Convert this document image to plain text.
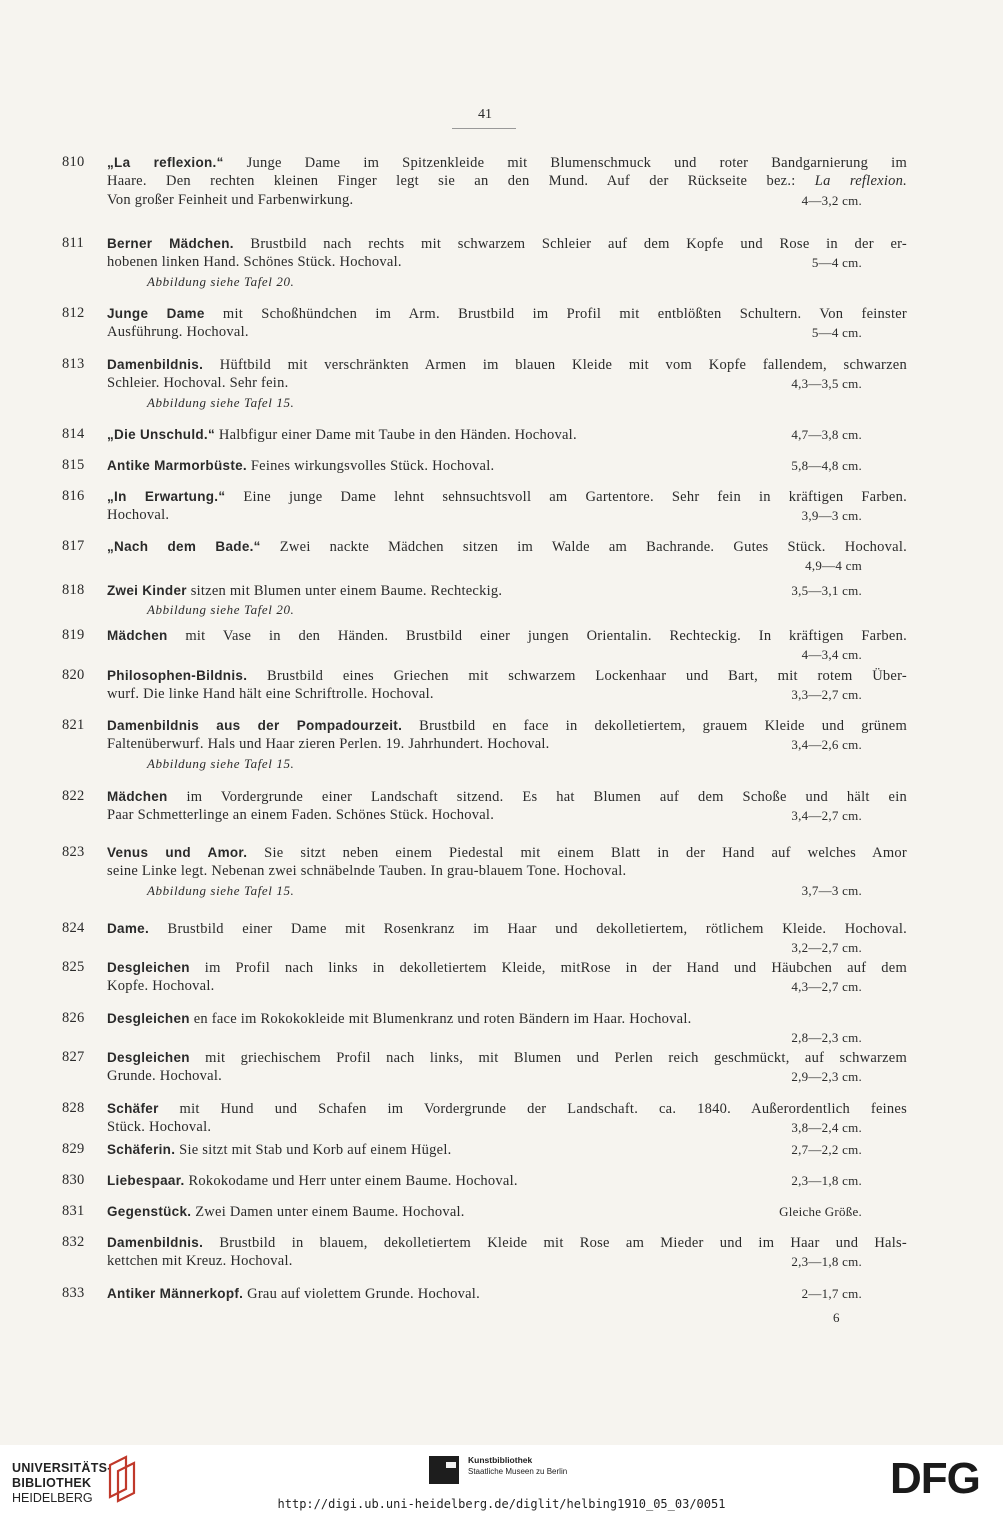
41
810	„La reflexion.“ Junge Dame im Spitzenkleide mit Blumenschmuck und roter Bandgarnierung im
Haare. Den rechten kleinen Finger legt sie an den Mund. Auf der Rückseite bez.: La reflexion.
Von großer Feinheit und Farbenwirkung.	4—3,2 cm.
811	Berner Mädchen. Brustbild nach rechts mit schwarzem Schleier auf dem Kopfe und Rose in der er-
hobenen linken Hand. Schönes Stück. Hochoval.	5—4 cm.
Abbildung siehe Tafel 20.
812	Junge Dame mit Schoßhündchen im Arm. Brustbild im Profil mit entblößten Schultern. Von feinster
Ausführung. Hochoval.	5—4 cm.
813	Damenbildnis. Hüftbild mit verschränkten Armen im blauen Kleide mit vom Kopfe fallendem, schwarzen
Schleier. Hochoval. Sehr fein.	4,3—3,5 cm.
Abbildung siehe Tafel 15.
814	„Die Unschuld.“ Halbfigur einer Dame mit Taube in den Händen. Hochoval.	4,7—3,8 cm.
815	Antike Marmorbüste. Feines wirkungsvolles Stück. Hochoval.	5,8—4,8 cm.
816	„In Erwartung.“ Eine junge Dame lehnt sehnsuchtsvoll am Gartentore. Sehr fein in kräftigen Farben.
Hochoval.	3,9—3 cm.
817	„Nach dem Bade.“ Zwei nackte Mädchen sitzen im Walde am Bachrande. Gutes Stück. Hochoval.
4,9—4 cm
818	Zwei Kinder sitzen mit Blumen unter einem Baume. Rechteckig.	3,5—3,1 cm.
Abbildung siehe Tafel 20.
819	Mädchen mit Vase in den Händen. Brustbild einer jungen Orientalin. Rechteckig. In kräftigen Farben.
4—3,4 cm.
820	Philosophen-Bildnis. Brustbild eines Griechen mit schwarzem Lockenhaar und Bart, mit rotem Über-
wurf. Die linke Hand hält eine Schriftrolle. Hochoval.	3,3—2,7 cm.
821	Damenbildnis aus der Pompadourzeit. Brustbild en face in dekolletiertem, grauem Kleide und grünem
Faltenüberwurf. Hals und Haar zieren Perlen. 19. Jahrhundert. Hochoval.	3,4—2,6 cm.
Abbildung siehe Tafel 15.
822	Mädchen im Vordergrunde einer Landschaft sitzend. Es hat Blumen auf dem Schoße und hält ein
Paar Schmetterlinge an einem Faden. Schönes Stück. Hochoval.	3,4—2,7 cm.
823	Venus und Amor. Sie sitzt neben einem Piedestal mit einem Blatt in der Hand auf welches Amor
seine Linke legt. Nebenan zwei schnäbelnde Tauben. In grau-blauem Tone. Hochoval.
Abbildung siehe Tafel 15.	3,7—3 cm.
824	Dame. Brustbild einer Dame mit Rosenkranz im Haar und dekolletiertem, rötlichem Kleide. Hochoval.
3,2—2,7 cm.
825	Desgleichen im Profil nach links in dekolletiertem Kleide, mitRose in der Hand und Häubchen auf dem
Kopfe. Hochoval.	4,3—2,7 cm.
826	Desgleichen en face im Rokokokleide mit Blumenkranz und roten Bändern im Haar. Hochoval.
2,8—2,3 cm.
827	Desgleichen mit griechischem Profil nach links, mit Blumen und Perlen reich geschmückt, auf schwarzem
Grunde. Hochoval.	2,9—2,3 cm.
828	Schäfer mit Hund und Schafen im Vordergrunde der Landschaft. ca. 1840. Außerordentlich feines
Stück. Hochoval.	3,8—2,4 cm.
829	Schäferin. Sie sitzt mit Stab und Korb auf einem Hügel.	2,7—2,2 cm.
830	Liebespaar. Rokokodame und Herr unter einem Baume. Hochoval.	2,3—1,8 cm.
831	Gegenstück. Zwei Damen unter einem Baume. Hochoval.	Gleiche Größe.
832	Damenbildnis. Brustbild in blauem, dekolletiertem Kleide mit Rose am Mieder und im Haar und Hals-
kettchen mit Kreuz. Hochoval.	2,3—1,8 cm.
833	Antiker Männerkopf. Grau auf violettem Grunde. Hochoval.	2—1,7 cm.
6
UNIVERSITÄTS-
BIBLIOTHEK
HEIDELBERG
Kunstbibliothek
Staatliche Museen zu Berlin	DFG
http://digi.ub.uni-heidelberg.de/diglit/helbing1910_05_03/0051
